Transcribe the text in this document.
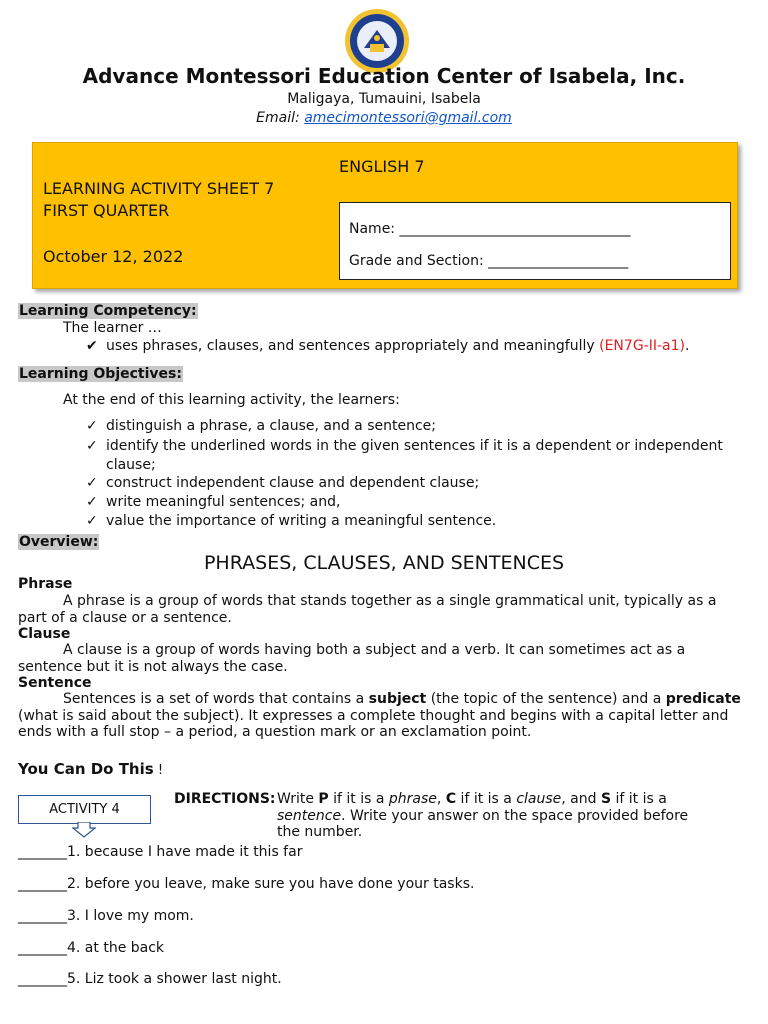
Advance Montessori Education Center of Isabela, Inc.
Maligaya, Tumauini, Isabela
Email: amecimontessori@gmail.com
ENGLISH 7
LEARNING ACTIVITY SHEET 7
FIRST QUARTER
October 12, 2022
Name: _________________________________
Grade and Section: ____________________
Learning Competency:
The learner …
✔ uses phrases, clauses, and sentences appropriately and meaningfully (EN7G-II-a1).
Learning Objectives:
At the end of this learning activity, the learners:
✓ distinguish a phrase, a clause, and a sentence;
✓ identify the underlined words in the given sentences if it is a dependent or independent
clause;
✓ construct independent clause and dependent clause;
✓ write meaningful sentences; and,
✓ value the importance of writing a meaningful sentence.
Overview:
PHRASES, CLAUSES, AND SENTENCES
Phrase
A phrase is a group of words that stands together as a single grammatical unit, typically as a part of a clause or a sentence.
Clause
A clause is a group of words having both a subject and a verb. It can sometimes act as a sentence but it is not always the case.
Sentence
Sentences is a set of words that contains a subject (the topic of the sentence) and a predicate (what is said about the subject). It expresses a complete thought and begins with a capital letter and ends with a full stop – a period, a question mark or an exclamation point.
You Can Do This !
ACTIVITY 4
DIRECTIONS: Write P if it is a phrase, C if it is a clause, and S if it is a sentence. Write your answer on the space provided before the number.
_______1. because I have made it this far
_______2. before you leave, make sure you have done your tasks.
_______3. I love my mom.
_______4. at the back
_______5. Liz took a shower last night.
